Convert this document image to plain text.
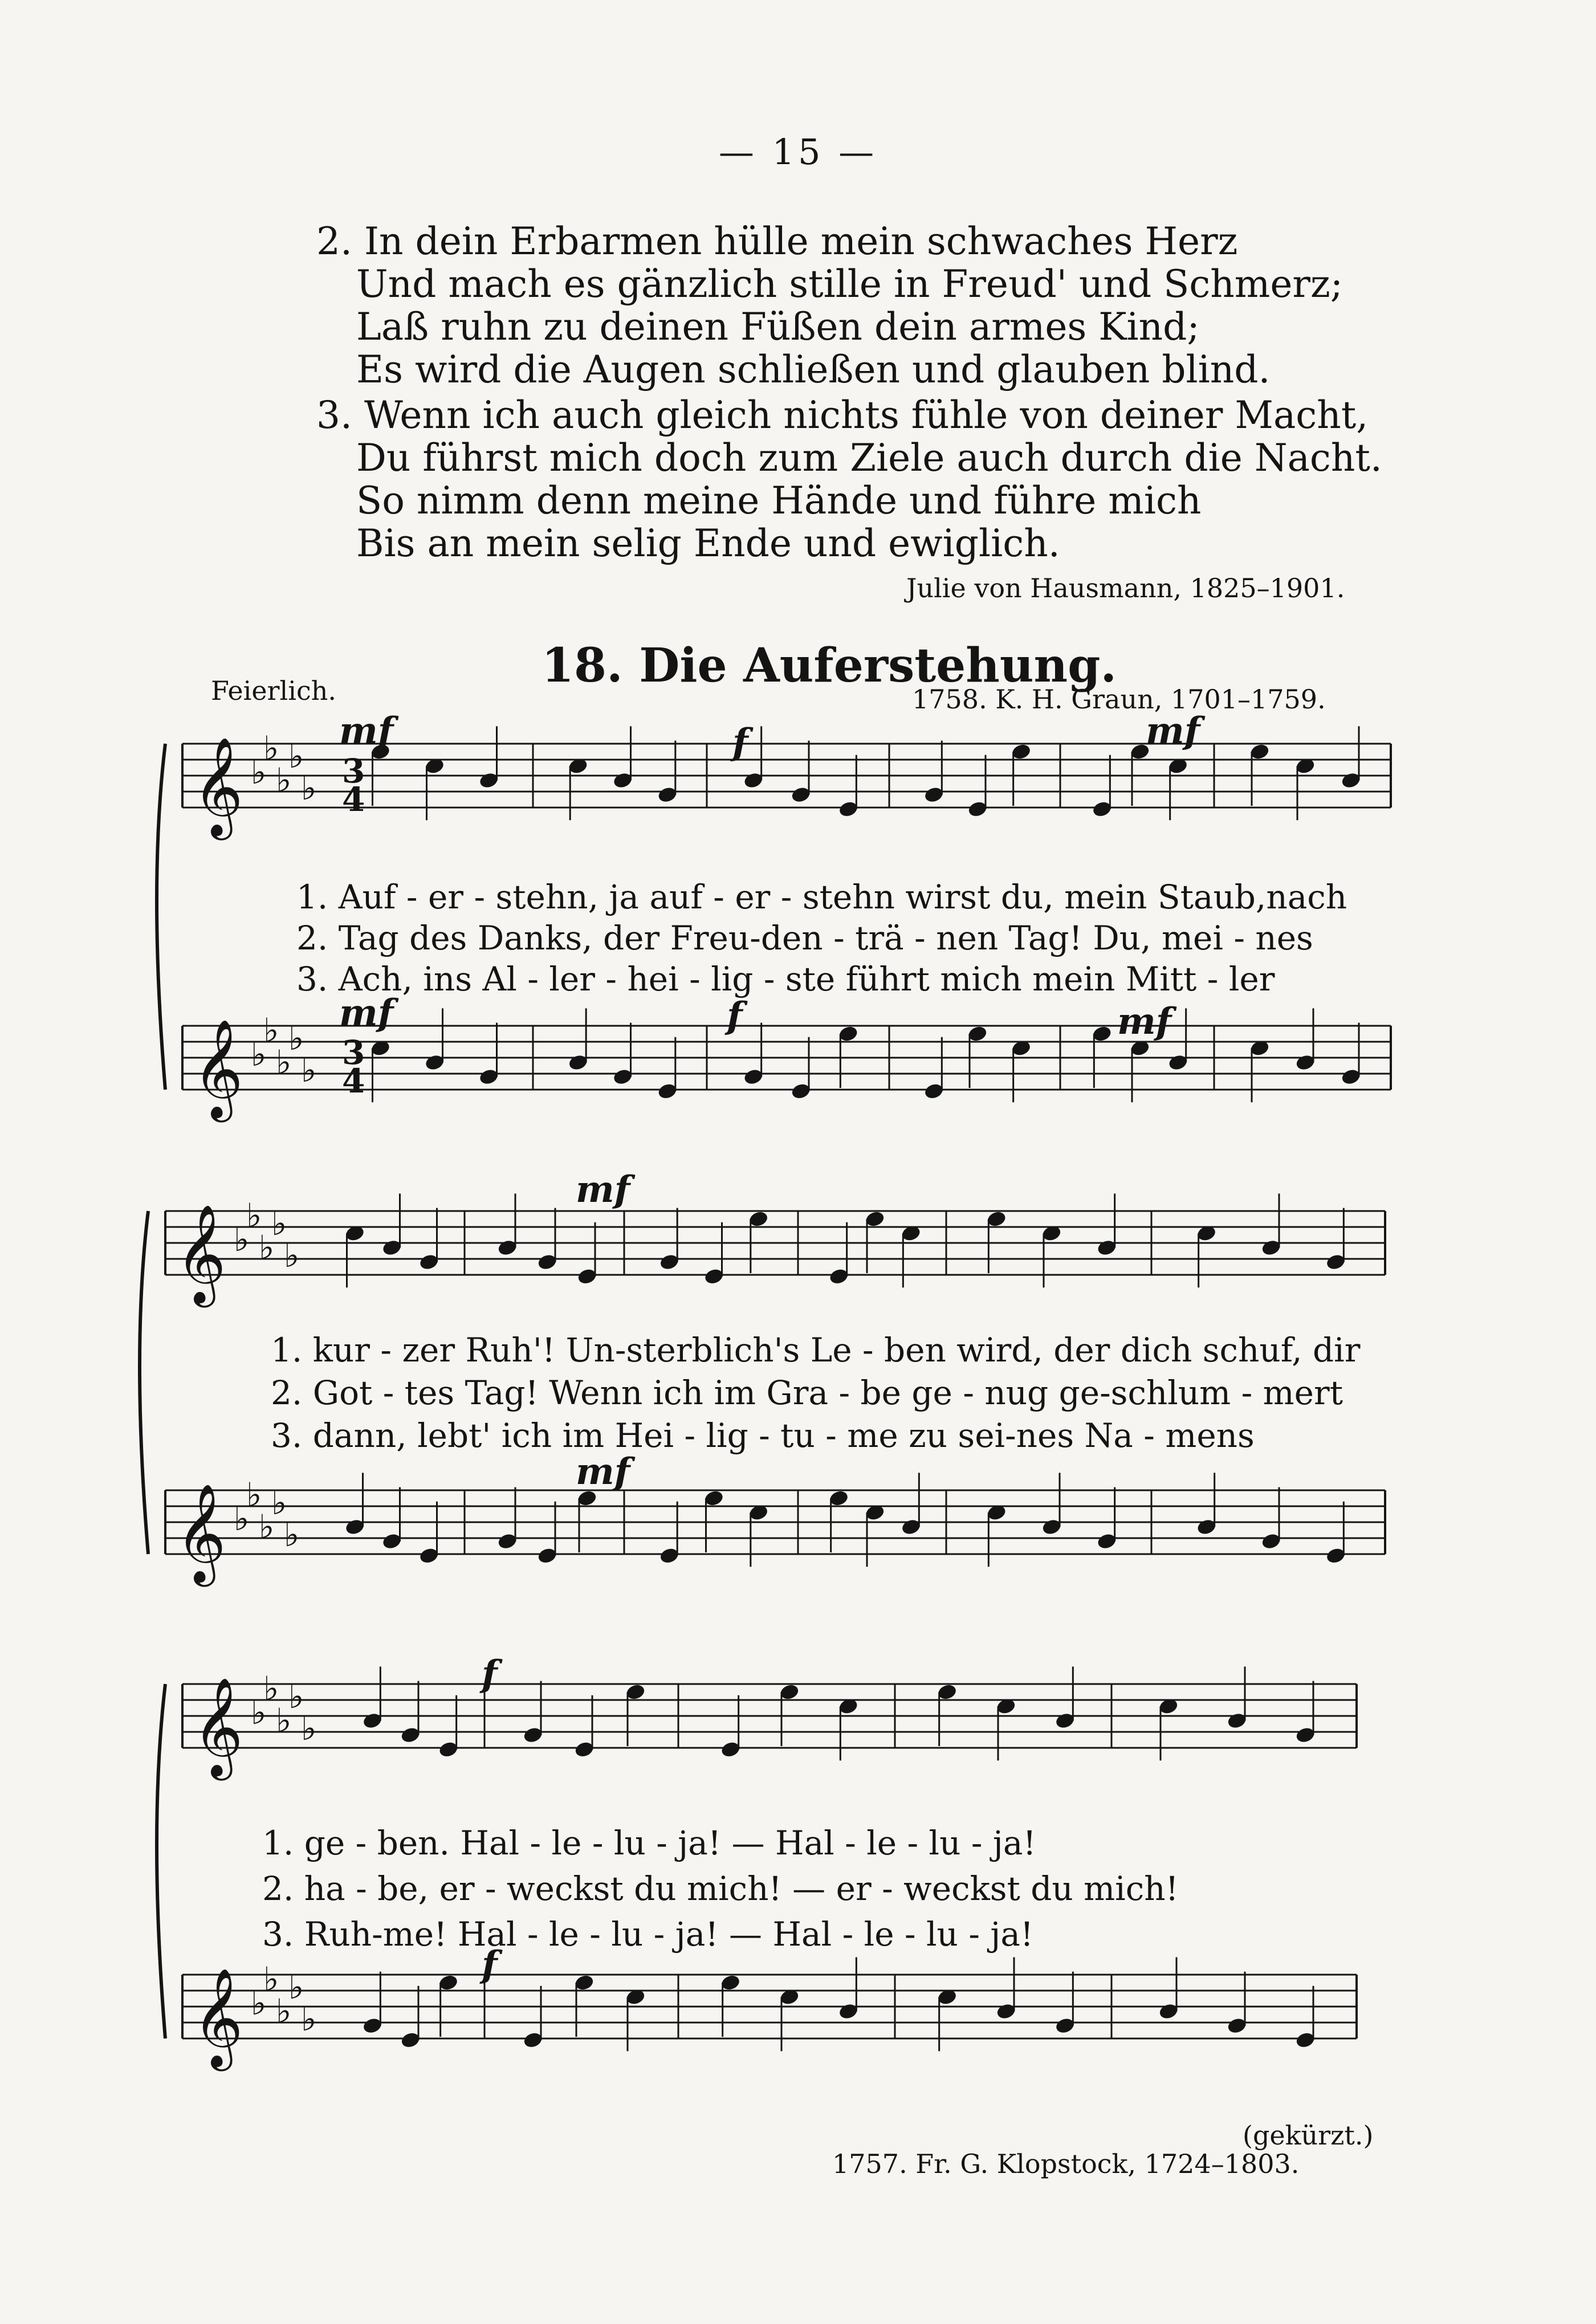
— 15 —
2. In dein Erbarmen hülle mein schwaches Herz
Und mach es gänzlich stille in Freud' und Schmerz;
Laß ruhn zu deinen Füßen dein armes Kind;
Es wird die Augen schließen und glauben blind.
3. Wenn ich auch gleich nichts fühle von deiner Macht,
Du führst mich doch zum Ziele auch durch die Nacht.
So nimm denn meine Hände und führe mich
Bis an mein selig Ende und ewiglich.
Julie von Hausmann, 1825–1901.
18. Die Auferstehung.
Feierlich.	1758. K. H. Graun, 1701–1759.
𝄞 ♭
♭
♭
♭
♭
𝄞 ♭
♭
♭
♭
♭
𝄞 ♭
♭
♭
♭
♭
𝄞 ♭
♭
♭
♭
♭
𝄞 ♭
♭
♭
♭
♭
𝄞 ♭
♭
♭
♭
♭
mf	f	mf
mf	f	mf
mf
mf
f
f
3
4
3
4
1. Auf - er - stehn, ja auf - er - stehn wirst du, mein Staub,nach
2. Tag des Danks, der Freu-den - trä - nen Tag! Du, mei - nes
3. Ach, ins Al - ler - hei - lig - ste führt mich mein Mitt - ler
1. kur - zer Ruh'! Un-sterblich's Le - ben wird, der dich schuf, dir
2. Got - tes Tag! Wenn ich im Gra - be ge - nug ge-schlum - mert
3. dann, lebt' ich im Hei - lig - tu - me zu sei-nes Na - mens
1. ge - ben. Hal - le - lu - ja! — Hal - le - lu - ja!
2. ha - be, er - weckst du mich! — er - weckst du mich!
3. Ruh-me! Hal - le - lu - ja! — Hal - le - lu - ja!
(gekürzt.)
1757. Fr. G. Klopstock, 1724–1803.
